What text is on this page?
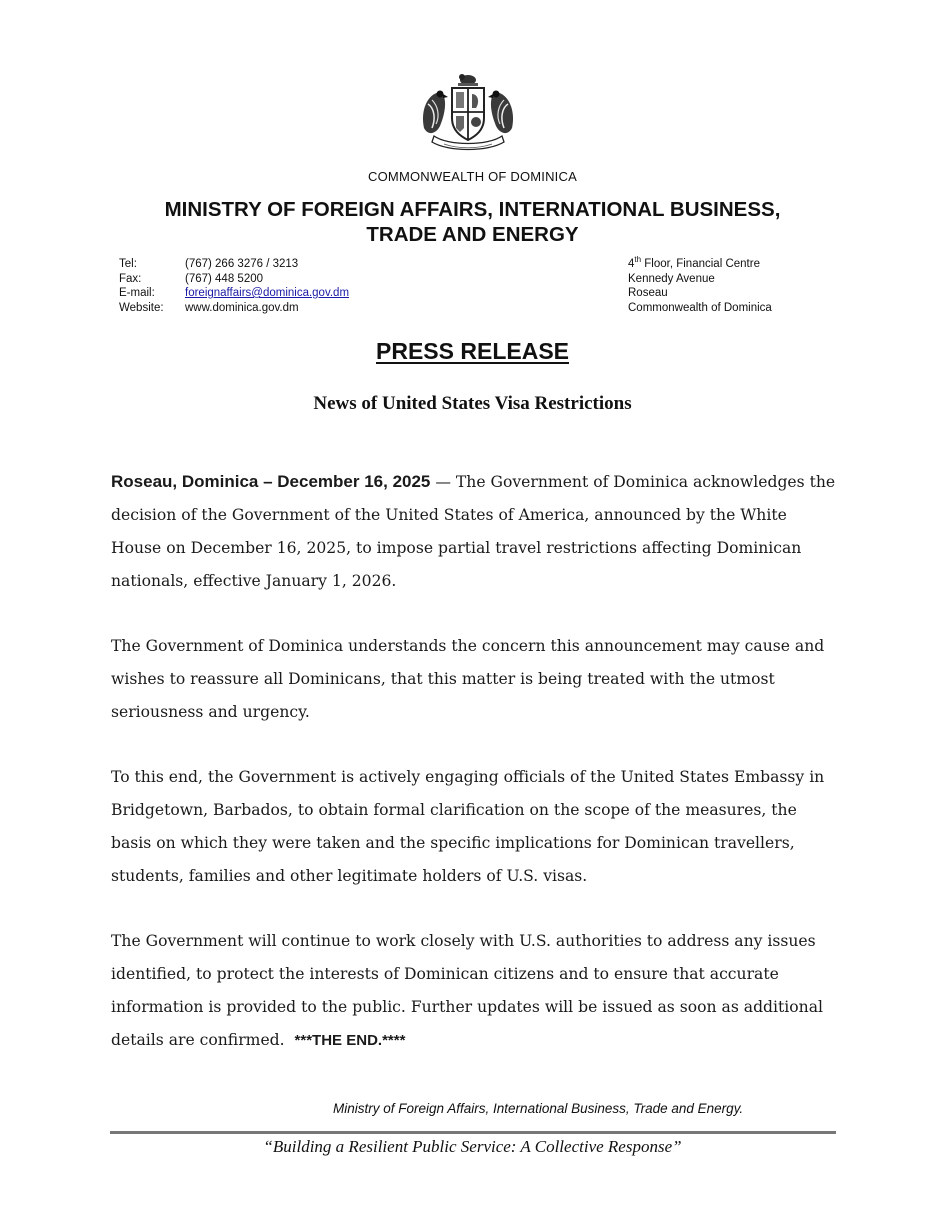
COMMONWEALTH OF DOMINICA
MINISTRY OF FOREIGN AFFAIRS, INTERNATIONAL BUSINESS,
TRADE AND ENERGY
Tel:	(767) 266 3276 / 3213
Fax:	(767) 448 5200
E-mail:	foreignaffairs@dominica.gov.dm
Website:	www.dominica.gov.dm
4th Floor, Financial Centre
Kennedy Avenue
Roseau
Commonwealth of Dominica
PRESS RELEASE
News of United States Visa Restrictions

Roseau, Dominica – December 16, 2025 — The Government of Dominica acknowledges the decision of the Government of the United States of America, announced by the White House on December 16, 2025, to impose partial travel restrictions affecting Dominican nationals, effective January 1, 2026.

The Government of Dominica understands the concern this announcement may cause and wishes to reassure all Dominicans, that this matter is being treated with the utmost seriousness and urgency.

To this end, the Government is actively engaging officials of the United States Embassy in Bridgetown, Barbados, to obtain formal clarification on the scope of the measures, the basis on which they were taken and the specific implications for Dominican travellers, students, families and other legitimate holders of U.S. visas.

The Government will continue to work closely with U.S. authorities to address any issues identified, to protect the interests of Dominican citizens and to ensure that accurate information is provided to the public. Further updates will be issued as soon as additional details are confirmed. ***THE END.****

Ministry of Foreign Affairs, International Business, Trade and Energy.
“Building a Resilient Public Service: A Collective Response”
